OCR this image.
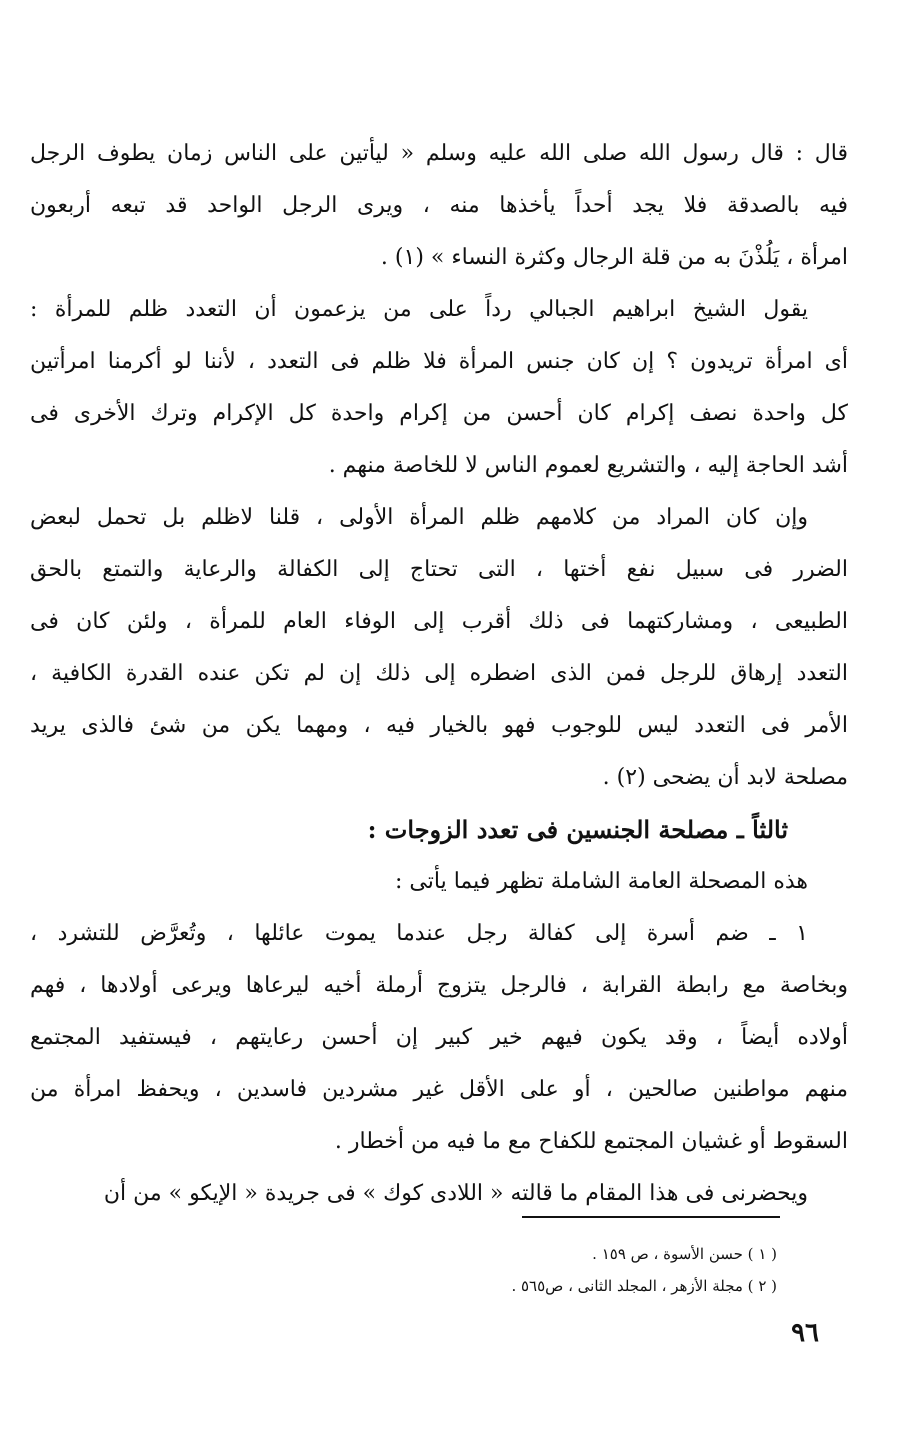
قال : قال رسول الله صلى الله عليه وسلم « ليأتين على الناس زمان يطوف الرجل
فيه بالصدقة فلا يجد أحداً يأخذها منه ، ويرى الرجل الواحد قد تبعه أربعون
امرأة ، يَلُذْنَ به من قلة الرجال وكثرة النساء » (١) .
يقول الشيخ ابراهيم الجبالي رداً على من يزعمون أن التعدد ظلم للمرأة :
أى امرأة تريدون ؟ إن كان جنس المرأة فلا ظلم فى التعدد ، لأننا لو أكرمنا امرأتين
كل واحدة نصف إكرام كان أحسن من إكرام واحدة كل الإكرام وترك الأخرى فى
أشد الحاجة إليه ، والتشريع لعموم الناس لا للخاصة منهم .
وإن كان المراد من كلامهم ظلم المرأة الأولى ، قلنا لاظلم بل تحمل لبعض
الضرر فى سبيل نفع أختها ، التى تحتاج إلى الكفالة والرعاية والتمتع بالحق
الطبيعى ، ومشاركتهما فى ذلك أقرب إلى الوفاء العام للمرأة ، ولئن كان فى
التعدد إرهاق للرجل فمن الذى اضطره إلى ذلك إن لم تكن عنده القدرة الكافية ،
الأمر فى التعدد ليس للوجوب فهو بالخيار فيه ، ومهما يكن من شئ فالذى يريد
مصلحة لابد أن يضحى (٢) .
ثالثاً ـ مصلحة الجنسين فى تعدد الزوجات :
هذه المصحلة العامة الشاملة تظهر فيما يأتى :
١ ـ ضم أسرة إلى كفالة رجل عندما يموت عائلها ، وتُعرَّض للتشرد ،
وبخاصة مع رابطة القرابة ، فالرجل يتزوج أرملة أخيه ليرعاها ويرعى أولادها ، فهم
أولاده أيضاً ، وقد يكون فيهم خير كبير إن أحسن رعايتهم ، فيستفيد المجتمع
منهم مواطنين صالحين ، أو على الأقل غير مشردين فاسدين ، ويحفظ امرأة من
السقوط أو غشيان المجتمع للكفاح مع ما فيه من أخطار .
ويحضرنى فى هذا المقام ما قالته « اللادى كوك » فى جريدة « الإيكو » من أن
( ١ ) حسن الأسوة ، ص ١٥٩ .
( ٢ ) مجلة الأزهر ، المجلد الثانى ، ص٥٦٥ .
٩٦
